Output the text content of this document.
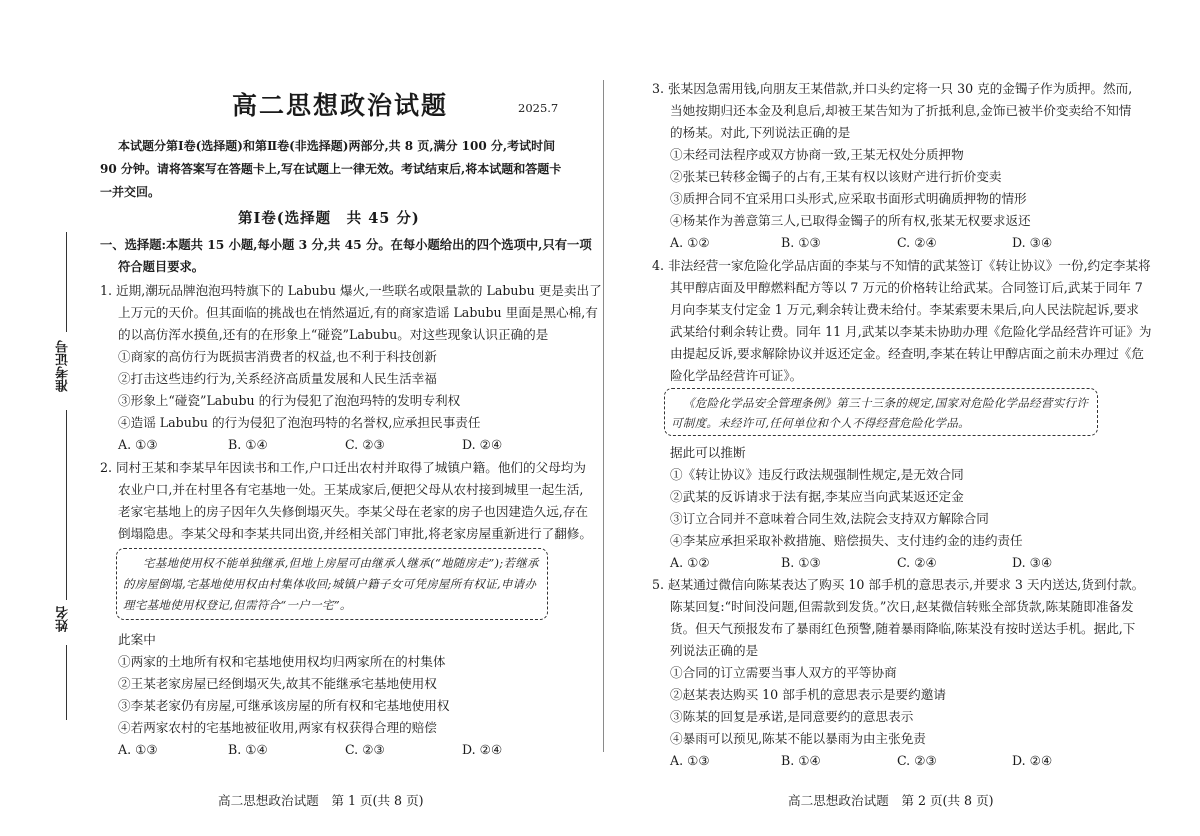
准考证号
姓名
高二思想政治试题	2025.7
本试题分第Ⅰ卷(选择题)和第Ⅱ卷(非选择题)两部分,共 8 页,满分 100 分,考试时间
90 分钟。请将答案写在答题卡上,写在试题上一律无效。考试结束后,将本试题和答题卡
一并交回。
第Ⅰ卷(选择题　共 45 分)
一、选择题:本题共 15 小题,每小题 3 分,共 45 分。在每小题给出的四个选项中,只有一项
符合题目要求。
1. 近期,潮玩品牌泡泡玛特旗下的 Labubu 爆火,一些联名或限量款的 Labubu 更是卖出了
上万元的天价。但其面临的挑战也在悄然逼近,有的商家造谣 Labubu 里面是黑心棉,有
的以高仿浑水摸鱼,还有的在形象上“碰瓷”Labubu。对这些现象认识正确的是
①商家的高仿行为既损害消费者的权益,也不利于科技创新
②打击这些违约行为,关系经济高质量发展和人民生活幸福
③形象上“碰瓷”Labubu 的行为侵犯了泡泡玛特的发明专利权
④造谣 Labubu 的行为侵犯了泡泡玛特的名誉权,应承担民事责任
A. ①③	B. ①④	C. ②③	D. ②④
2. 同村王某和李某早年因读书和工作,户口迁出农村并取得了城镇户籍。他们的父母均为
农业户口,并在村里各有宅基地一处。王某成家后,便把父母从农村接到城里一起生活,
老家宅基地上的房子因年久失修倒塌灭失。李某父母在老家的房子也因建造久远,存在
倒塌隐患。李某父母和李某共同出资,并经相关部门审批,将老家房屋重新进行了翻修。
宅基地使用权不能单独继承,但地上房屋可由继承人继承(“地随房走”);若继承
的房屋倒塌,宅基地使用权由村集体收回;城镇户籍子女可凭房屋所有权证,申请办
理宅基地使用权登记,但需符合“一户一宅”。
此案中
①两家的土地所有权和宅基地使用权均归两家所在的村集体
②王某老家房屋已经倒塌灭失,故其不能继承宅基地使用权
③李某老家仍有房屋,可继承该房屋的所有权和宅基地使用权
④若两家农村的宅基地被征收用,两家有权获得合理的赔偿
A. ①③	B. ①④	C. ②③	D. ②④
3. 张某因急需用钱,向朋友王某借款,并口头约定将一只 30 克的金镯子作为质押。然而,
当她按期归还本金及利息后,却被王某告知为了折抵利息,金饰已被半价变卖给不知情
的杨某。对此,下列说法正确的是
①未经司法程序或双方协商一致,王某无权处分质押物
②张某已转移金镯子的占有,王某有权以该财产进行折价变卖
③质押合同不宜采用口头形式,应采取书面形式明确质押物的情形
④杨某作为善意第三人,已取得金镯子的所有权,张某无权要求返还
A. ①②	B. ①③	C. ②④	D. ③④
4. 非法经营一家危险化学品店面的李某与不知情的武某签订《转让协议》一份,约定李某将
其甲醇店面及甲醇燃料配方等以 7 万元的价格转让给武某。合同签订后,武某于同年 7
月向李某支付定金 1 万元,剩余转让费未给付。李某索要未果后,向人民法院起诉,要求
武某给付剩余转让费。同年 11 月,武某以李某未协助办理《危险化学品经营许可证》为
由提起反诉,要求解除协议并返还定金。经查明,李某在转让甲醇店面之前未办理过《危
险化学品经营许可证》。
《危险化学品安全管理条例》第三十三条的规定,国家对危险化学品经营实行许
可制度。未经许可,任何单位和个人不得经营危险化学品。
据此可以推断
①《转让协议》违反行政法规强制性规定,是无效合同
②武某的反诉请求于法有据,李某应当向武某返还定金
③订立合同并不意味着合同生效,法院会支持双方解除合同
④李某应承担采取补救措施、赔偿损失、支付违约金的违约责任
A. ①②	B. ①③	C. ②④	D. ③④
5. 赵某通过微信向陈某表达了购买 10 部手机的意思表示,并要求 3 天内送达,货到付款。
陈某回复:“时间没问题,但需款到发货。”次日,赵某微信转账全部货款,陈某随即准备发
货。但天气预报发布了暴雨红色预警,随着暴雨降临,陈某没有按时送达手机。据此,下
列说法正确的是
①合同的订立需要当事人双方的平等协商
②赵某表达购买 10 部手机的意思表示是要约邀请
③陈某的回复是承诺,是同意要约的意思表示
④暴雨可以预见,陈某不能以暴雨为由主张免责
A. ①③	B. ①④	C. ②③	D. ②④
高二思想政治试题　第 1 页(共 8 页)	高二思想政治试题　第 2 页(共 8 页)
